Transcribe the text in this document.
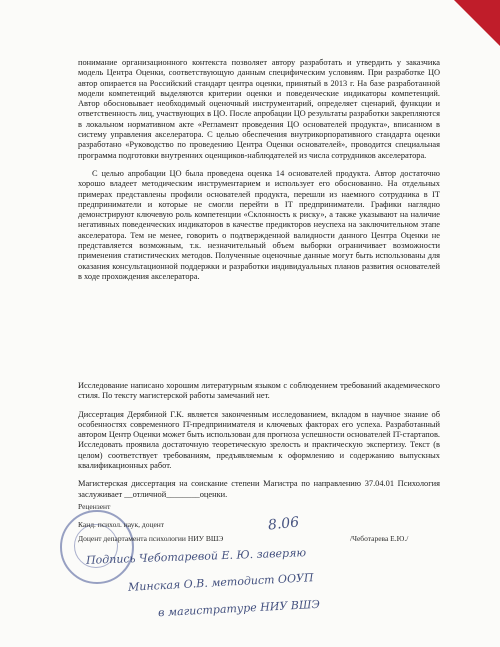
понимание организационного контекста позволяет автору разработать и утвердить у заказчика модель Центра Оценки, соответствующую данным специфическим условиям. При разработке ЦО автор опирается на Российский стандарт центра оценки, принятый в 2013 г. На базе разработанной модели компетенций выделяются критерии оценки и поведенческие индикаторы компетенций. Автор обосновывает необходимый оценочный инструментарий, определяет сценарий, функции и ответственность лиц, участвующих в ЦО. После апробации ЦО результаты разработки закрепляются в локальном нормативном акте «Регламент проведения ЦО основателей продукта», вписанном в систему управления акселератора. С целью обеспечения внутрикорпоративного стандарта оценки разработано «Руководство по проведению Центра Оценки основателей», проводится специальная программа подготовки внутренних оценщиков-наблюдателей из числа сотрудников акселератора.

С целью апробации ЦО была проведена оценка 14 основателей продукта. Автор достаточно хорошо владеет методическим инструментарием и использует его обоснованно. На отдельных примерах представлены профили основателей продукта, перешли из наемного сотрудника в IT предприниматели и которые не смогли перейти в IT предприниматели. Графики наглядно демонстрируют ключевую роль компетенции «Склонность к риску», а также указывают на наличие негативных поведенческих индикаторов в качестве предикторов неуспеха на заключительном этапе акселератора. Тем не менее, говорить о подтвержденной валидности данного Центра Оценки не представляется возможным, т.к. незначительный объем выборки ограничивает возможности применения статистических методов. Полученные оценочные данные могут быть использованы для оказания консультационной поддержки и разработки индивидуальных планов развития основателей в ходе прохождения акселератора.

Исследование написано хорошим литературным языком с соблюдением требований академического стиля. По тексту магистерской работы замечаний нет.

Диссертация Дерябиной Г.К. является законченным исследованием, вкладом в научное знание об особенностях современного IT-предпринимателя и ключевых факторах его успеха. Разработанный автором Центр Оценки может быть использован для прогноза успешности основателей IT-стартапов. Исследовать проявила достаточную теоретическую зрелость и практическую экспертизу. Текст (в целом) соответствует требованиям, предъявляемым к оформлению и содержанию выпускных квалификационных работ.

Магистерская диссертация на соискание степени Магистра по направлению 37.04.01 Психология заслуживает __отличной________оценки.

Рецензент
Канд. психол. наук, доцент
Доцент департамента психологии НИУ ВШЭ	/Чеботарева Е.Ю./
8.06
Подпись Чеботаревой Е. Ю. заверяю
Минская О.В. методист ООУП
в магистратуре НИУ ВШЭ
